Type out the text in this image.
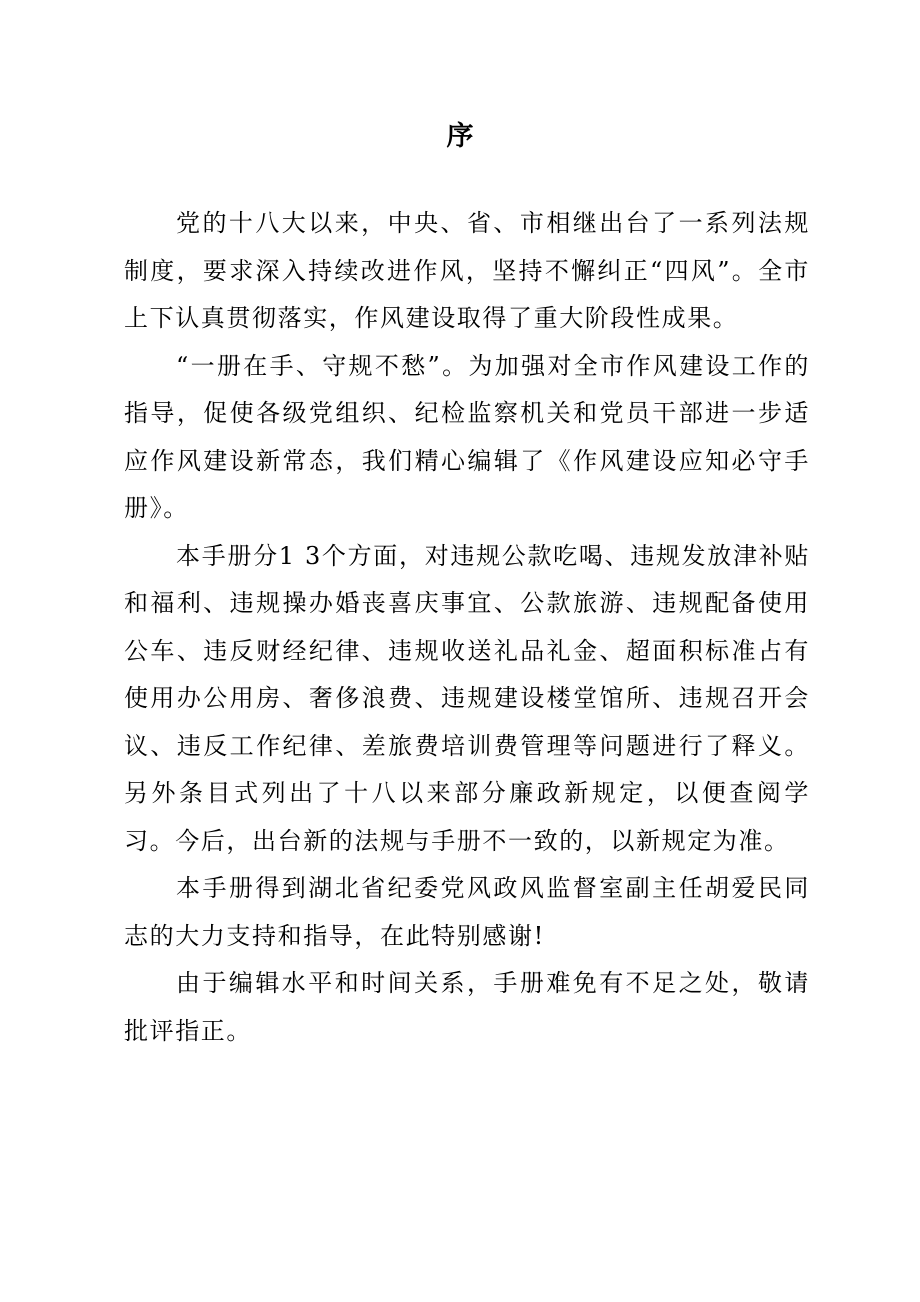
序

党的十八大以来，中央、省、市相继出台了一系列法规制度，要求深入持续改进作风，坚持不懈纠正“四风”。全市上下认真贯彻落实，作风建设取得了重大阶段性成果。

“一册在手、守规不愁”。为加强对全市作风建设工作的指导，促使各级党组织、纪检监察机关和党员干部进一步适应作风建设新常态，我们精心编辑了《作风建设应知必守手册》。

本手册分1 3个方面，对违规公款吃喝、违规发放津补贴和福利、违规操办婚丧喜庆事宜、公款旅游、违规配备使用公车、违反财经纪律、违规收送礼品礼金、超面积标准占有使用办公用房、奢侈浪费、违规建设楼堂馆所、违规召开会议、违反工作纪律、差旅费培训费管理等问题进行了释义。另外条目式列出了十八以来部分廉政新规定，以便查阅学习。今后，出台新的法规与手册不一致的，以新规定为准。

本手册得到湖北省纪委党风政风监督室副主任胡爱民同志的大力支持和指导，在此特别感谢!

由于编辑水平和时间关系，手册难免有不足之处，敬请批评指正。
